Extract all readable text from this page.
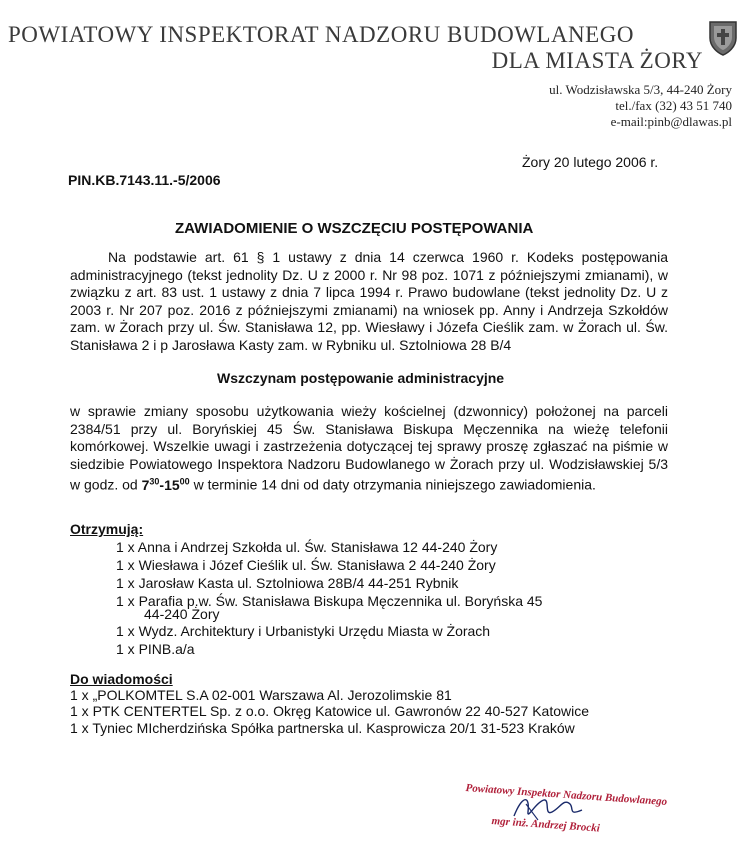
POWIATOWY INSPEKTORAT NADZORU BUDOWLANEGO
DLA MIASTA ŻORY
ul. Wodzisławska 5/3, 44-240 Żory
tel./fax (32) 43 51 740
e-mail:pinb@dlawas.pl
Żory 20 lutego 2006 r.
PIN.KB.7143.11.-5/2006
ZAWIADOMIENIE O WSZCZĘCIU POSTĘPOWANIA
Na podstawie art. 61 § 1 ustawy z dnia 14 czerwca 1960 r. Kodeks postępowania administracyjnego (tekst jednolity Dz. U z 2000 r. Nr 98 poz. 1071 z późniejszymi zmianami), w związku z art. 83 ust. 1 ustawy z dnia 7 lipca 1994 r. Prawo budowlane (tekst jednolity Dz. U z 2003 r. Nr 207 poz. 2016 z późniejszymi zmianami) na wniosek pp. Anny i Andrzeja Szkołdów zam. w Żorach przy ul. Św. Stanisława 12, pp. Wiesławy i Józefa Cieślik zam. w Żorach ul. Św. Stanisława 2 i p Jarosława Kasty zam. w Rybniku ul. Sztolniowa 28 B/4
Wszczynam postępowanie administracyjne
w sprawie zmiany sposobu użytkowania wieży kościelnej (dzwonnicy) położonej na parceli 2384/51 przy ul. Boryńskiej 45 Św. Stanisława Biskupa Męczennika na wieżę telefonii komórkowej. Wszelkie uwagi i zastrzeżenia dotyczącej tej sprawy proszę zgłaszać na piśmie w siedzibie Powiatowego Inspektora Nadzoru Budowlanego w Żorach przy ul. Wodzisławskiej 5/3 w godz. od $7^{30}-15^{00}$ w terminie 14 dni od daty otrzymania niniejszego zawiadomienia.
Otrzymują:
1 x Anna i Andrzej Szkołda ul. Św. Stanisława 12 44-240 Żory
1 x Wiesława i Józef Cieślik ul. Św. Stanisława 2 44-240 Żory
1 x Jarosław Kasta ul. Sztolniowa 28B/4 44-251 Rybnik
1 x Parafia p.w. Św. Stanisława Biskupa Męczennika ul. Boryńska 45
44-240 Żory
1 x Wydz. Architektury i Urbanistyki Urzędu Miasta w Żorach
1 x PINB.a/a
Do wiadomości
1 x „POLKOMTEL S.A 02-001 Warszawa Al. Jerozolimskie 81
1 x PTK CENTERTEL Sp. z o.o. Okręg Katowice ul. Gawronów 22 40-527 Katowice
1 x Tyniec MIcherdzińska Spółka partnerska ul. Kasprowicza 20/1 31-523 Kraków
Powiatowy Inspektor Nadzoru Budowlanego
mgr inż. Andrzej Brocki
